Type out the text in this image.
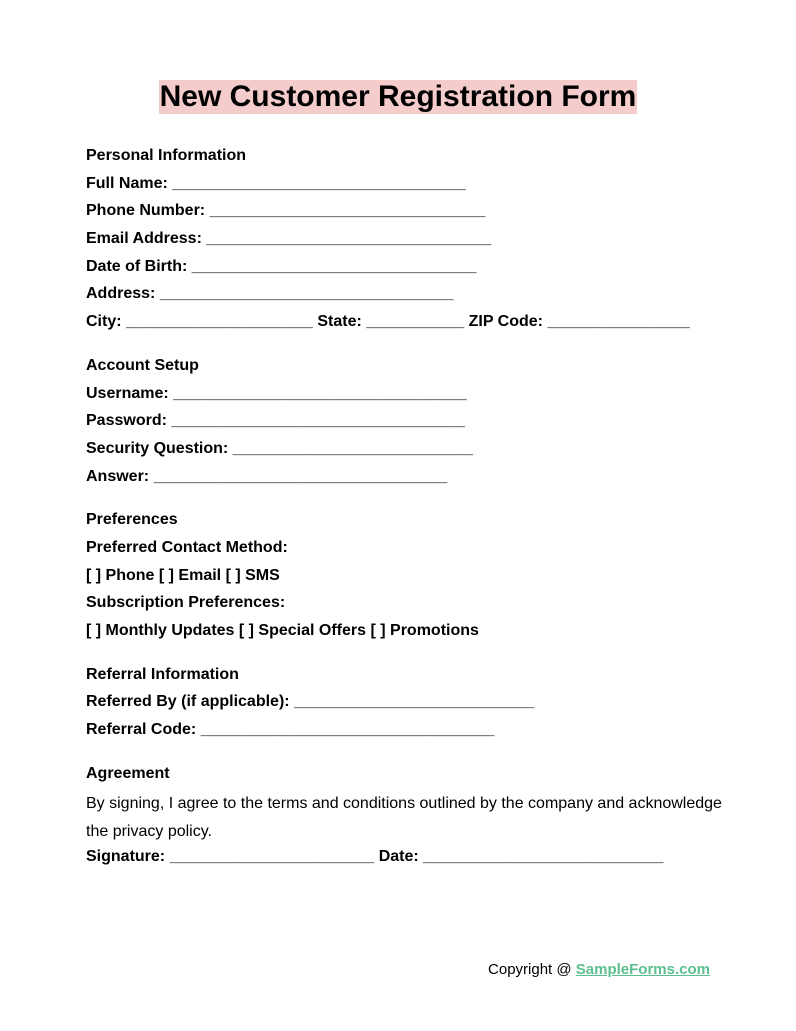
New Customer Registration Form
Personal Information
Full Name: _________________________________
Phone Number: _______________________________
Email Address: ________________________________
Date of Birth: ________________________________
Address: _________________________________
City: _____________________ State: ___________ ZIP Code: ________________
Account Setup
Username: _________________________________
Password: _________________________________
Security Question: ___________________________
Answer: _________________________________
Preferences
Preferred Contact Method:
[ ] Phone [ ] Email [ ] SMS
Subscription Preferences:
[ ] Monthly Updates [ ] Special Offers [ ] Promotions
Referral Information
Referred By (if applicable): ___________________________
Referral Code: _________________________________
Agreement
By signing, I agree to the terms and conditions outlined by the company and acknowledge the privacy policy.
Signature: _______________________ Date: ___________________________
Copyright @ SampleForms.com
